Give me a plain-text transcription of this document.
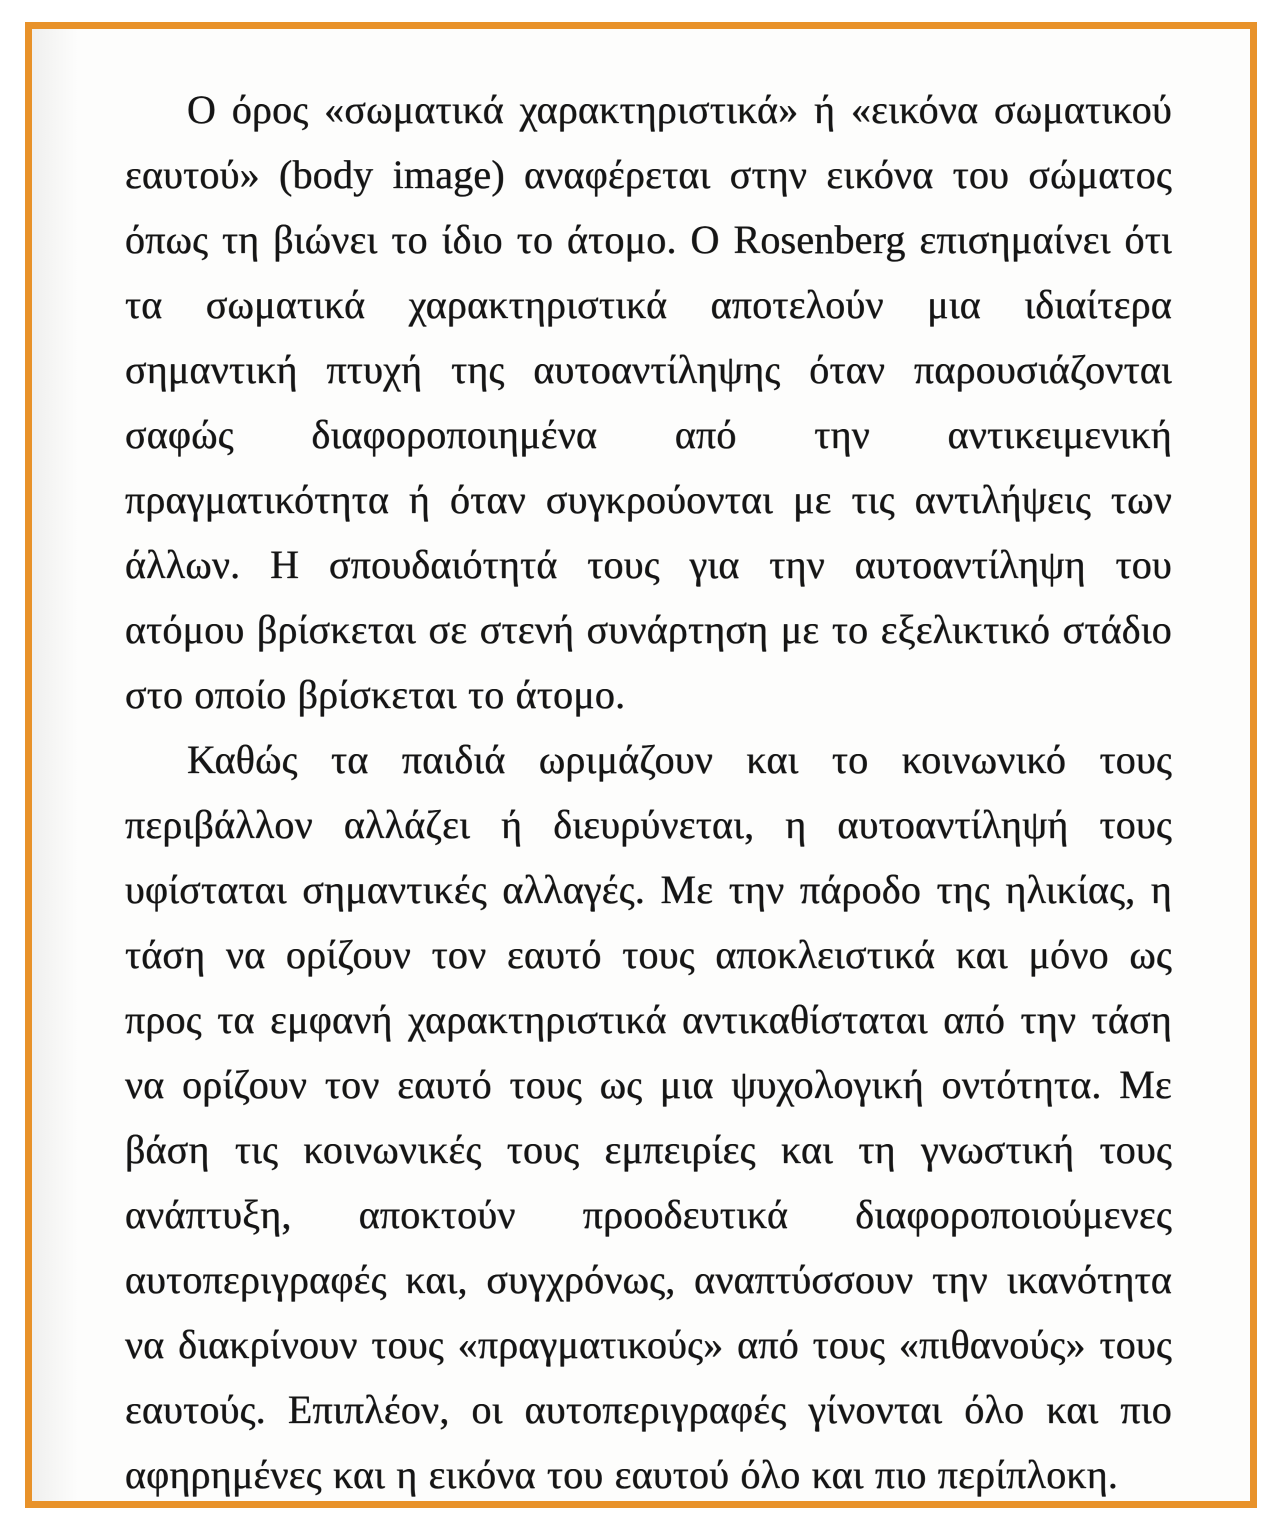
Ο όρος «σωματικά χαρακτηριστικά» ή «εικόνα σωματικού εαυτού» (body image) αναφέρεται στην εικόνα του σώματος όπως τη βιώνει το ίδιο το άτομο. Ο Rosenberg επισημαίνει ότι τα σωματικά χαρακτηριστικά αποτελούν μια ιδιαίτερα σημαντική πτυχή της αυτοαντίληψης όταν παρουσιάζονται σαφώς διαφοροποιημένα από την αντικειμενική πραγματικότητα ή όταν συγκρούονται με τις αντιλήψεις των άλλων. Η σπουδαιότητά τους για την αυτοαντίληψη του ατόμου βρίσκεται σε στενή συνάρτηση με το εξελικτικό στάδιο στο οποίο βρίσκεται το άτομο.

Καθώς τα παιδιά ωριμάζουν και το κοινωνικό τους περιβάλλον αλλάζει ή διευρύνεται, η αυτοαντίληψή τους υφίσταται σημαντικές αλλαγές. Με την πάροδο της ηλικίας, η τάση να ορίζουν τον εαυτό τους αποκλειστικά και μόνο ως προς τα εμφανή χαρακτηριστικά αντικαθίσταται από την τάση να ορίζουν τον εαυτό τους ως μια ψυχολογική οντότητα. Με βάση τις κοινωνικές τους εμπειρίες και τη γνωστική τους ανάπτυξη, αποκτούν προοδευτικά διαφοροποιούμενες αυτοπεριγραφές και, συγχρόνως, αναπτύσσουν την ικανότητα να διακρίνουν τους «πραγματικούς» από τους «πιθανούς» τους εαυτούς. Επιπλέον, οι αυτοπεριγραφές γίνονται όλο και πιο αφηρημένες και η εικόνα του εαυτού όλο και πιο περίπλοκη.
